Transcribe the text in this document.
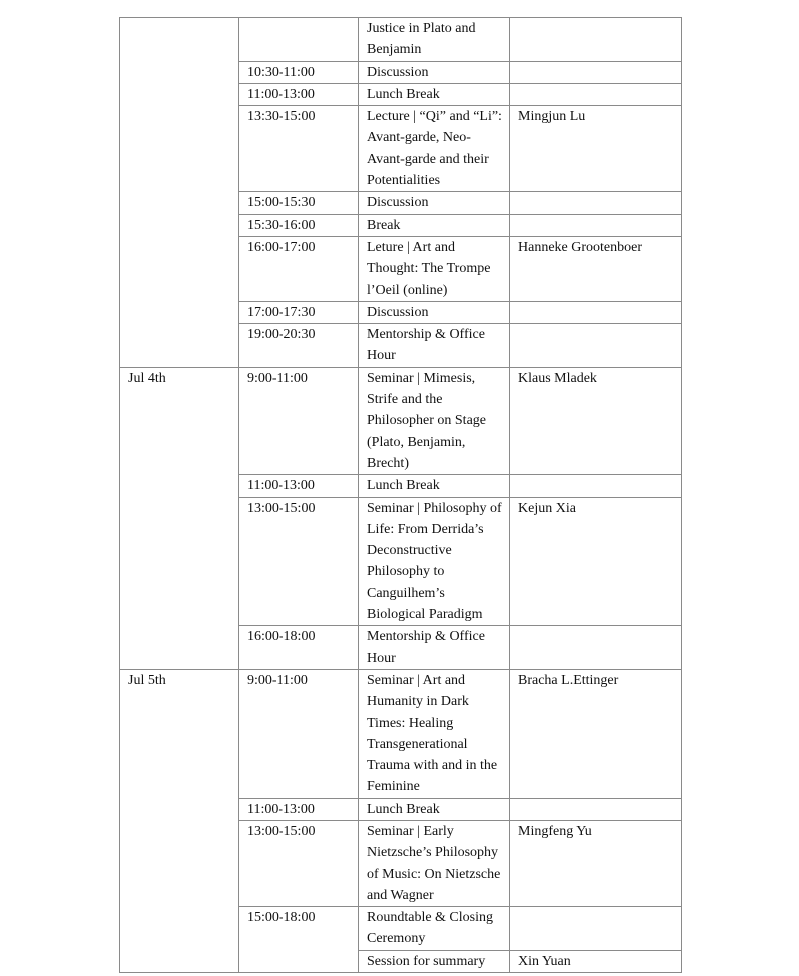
		Justice in Plato and Benjamin	
	10:30-11:00	Discussion	
	11:00-13:00	Lunch Break	
	13:30-15:00	Lecture | “Qi” and “Li”: Avant-garde, Neo-Avant-garde and their Potentialities	Mingjun Lu
	15:00-15:30	Discussion	
	15:30-16:00	Break	
	16:00-17:00	Leture | Art and Thought: The Trompe l’Oeil (online)	Hanneke Grootenboer
	17:00-17:30	Discussion	
	19:00-20:30	Mentorship & Office Hour	
Jul 4th	9:00-11:00	Seminar | Mimesis, Strife and the Philosopher on Stage (Plato, Benjamin, Brecht)	Klaus Mladek
	11:00-13:00	Lunch Break	
	13:00-15:00	Seminar | Philosophy of Life: From Derrida’s Deconstructive Philosophy to Canguilhem’s Biological Paradigm	Kejun Xia
	16:00-18:00	Mentorship & Office Hour	
Jul 5th	9:00-11:00	Seminar | Art and Humanity in Dark Times: Healing Transgenerational Trauma with and in the Feminine	Bracha L.Ettinger
	11:00-13:00	Lunch Break	
	13:00-15:00	Seminar | Early Nietzsche’s Philosophy of Music: On Nietzsche and Wagner	Mingfeng Yu
	15:00-18:00	Roundtable & Closing Ceremony	
		Session for summary	Xin Yuan
